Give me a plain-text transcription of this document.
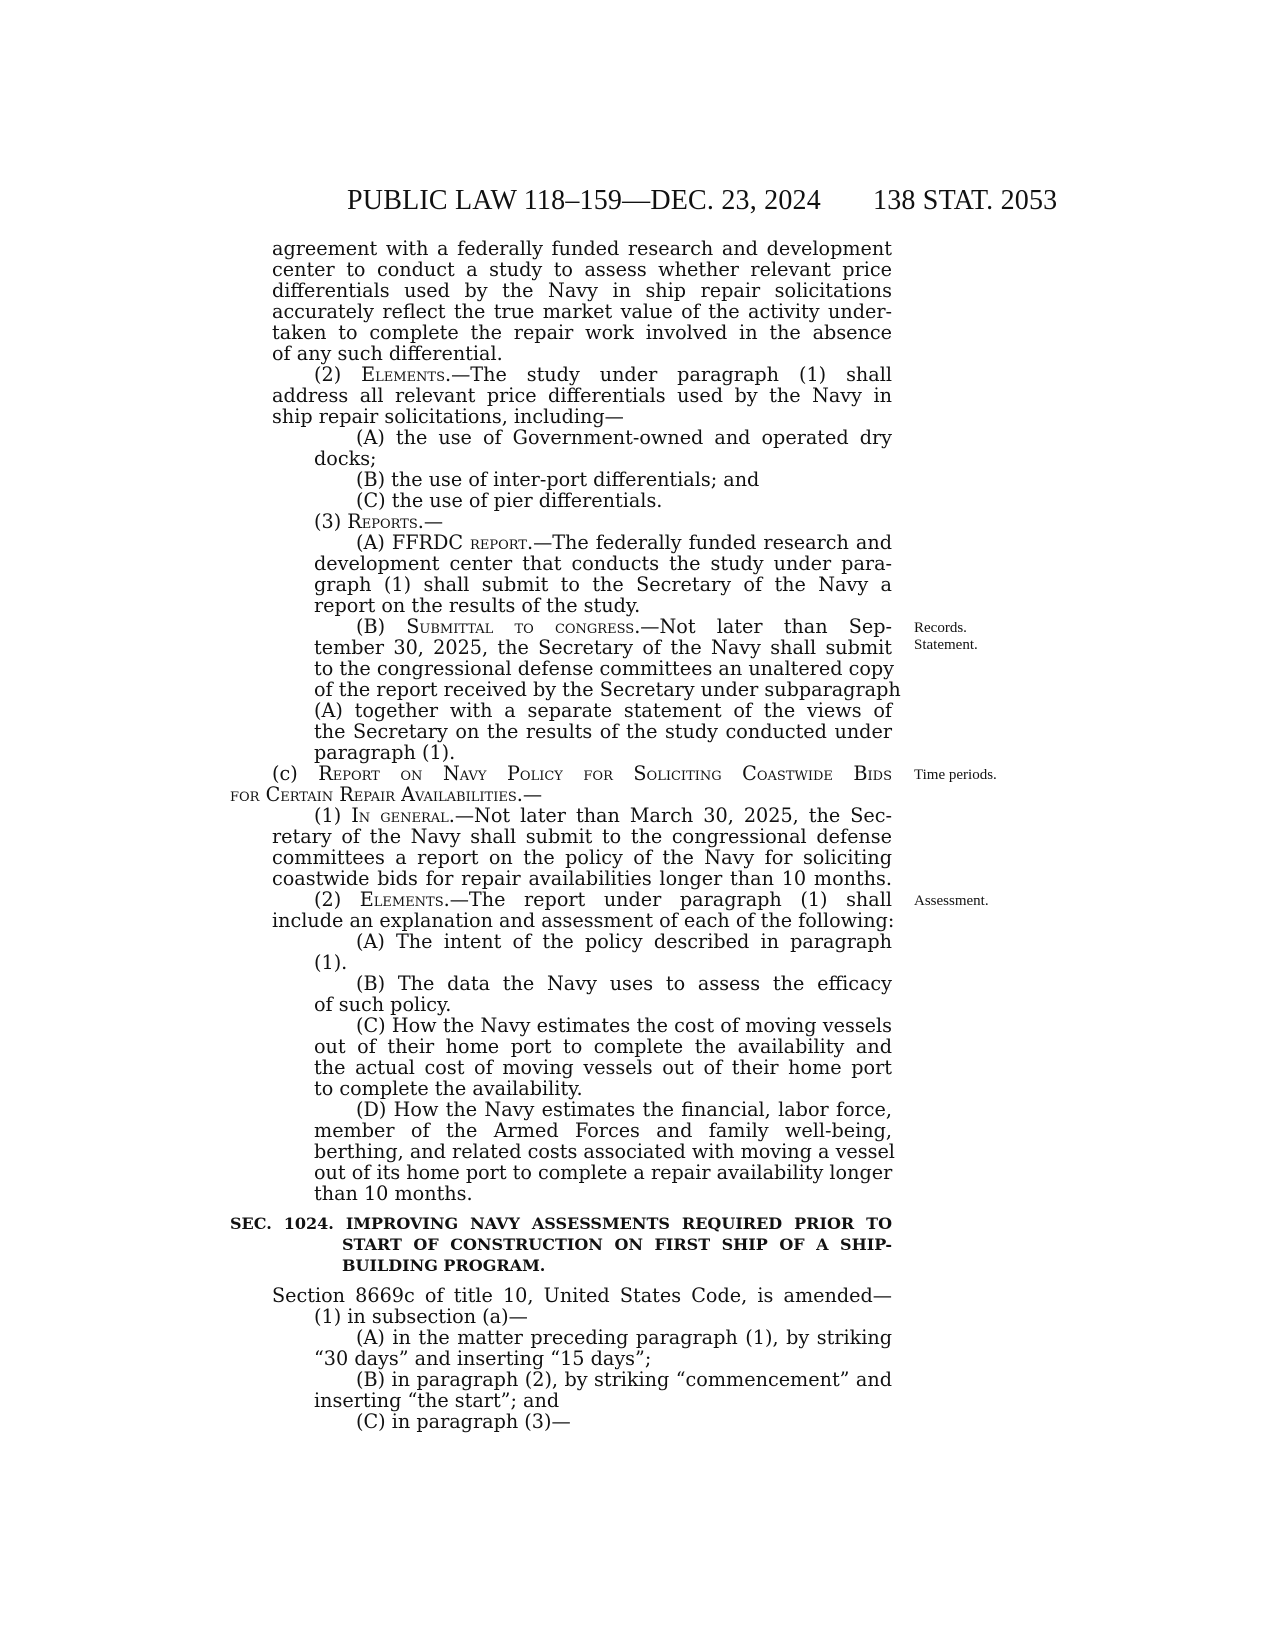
PUBLIC LAW 118–159—DEC. 23, 2024 138 STAT. 2053
agreement with a federally funded research and development
center to conduct a study to assess whether relevant price
differentials used by the Navy in ship repair solicitations
accurately reflect the true market value of the activity under-
taken to complete the repair work involved in the absence
of any such differential.
(2) Elements.—The study under paragraph (1) shall
address all relevant price differentials used by the Navy in
ship repair solicitations, including—
(A) the use of Government-owned and operated dry
docks;
(B) the use of inter-port differentials; and
(C) the use of pier differentials.
(3) Reports.—
(A) FFRDC report.—The federally funded research and
development center that conducts the study under para-
graph (1) shall submit to the Secretary of the Navy a
report on the results of the study.
(B) Submittal to congress.—Not later than Sep-
tember 30, 2025, the Secretary of the Navy shall submit
to the congressional defense committees an unaltered copy
of the report received by the Secretary under subparagraph
(A) together with a separate statement of the views of
the Secretary on the results of the study conducted under
paragraph (1).
(c) Report on Navy Policy for Soliciting Coastwide Bids
for Certain Repair Availabilities.—
(1) In general.—Not later than March 30, 2025, the Sec-
retary of the Navy shall submit to the congressional defense
committees a report on the policy of the Navy for soliciting
coastwide bids for repair availabilities longer than 10 months.
(2) Elements.—The report under paragraph (1) shall
include an explanation and assessment of each of the following:
(A) The intent of the policy described in paragraph
(1).
(B) The data the Navy uses to assess the efficacy
of such policy.
(C) How the Navy estimates the cost of moving vessels
out of their home port to complete the availability and
the actual cost of moving vessels out of their home port
to complete the availability.
(D) How the Navy estimates the financial, labor force,
member of the Armed Forces and family well-being,
berthing, and related costs associated with moving a vessel
out of its home port to complete a repair availability longer
than 10 months.
SEC. 1024. IMPROVING NAVY ASSESSMENTS REQUIRED PRIOR TO
START OF CONSTRUCTION ON FIRST SHIP OF A SHIP-
BUILDING PROGRAM.
Section 8669c of title 10, United States Code, is amended—
(1) in subsection (a)—
(A) in the matter preceding paragraph (1), by striking
“30 days” and inserting “15 days”;
(B) in paragraph (2), by striking “commencement” and
inserting “the start”; and
(C) in paragraph (3)—
Records.
Statement.
Time periods.
Assessment.
